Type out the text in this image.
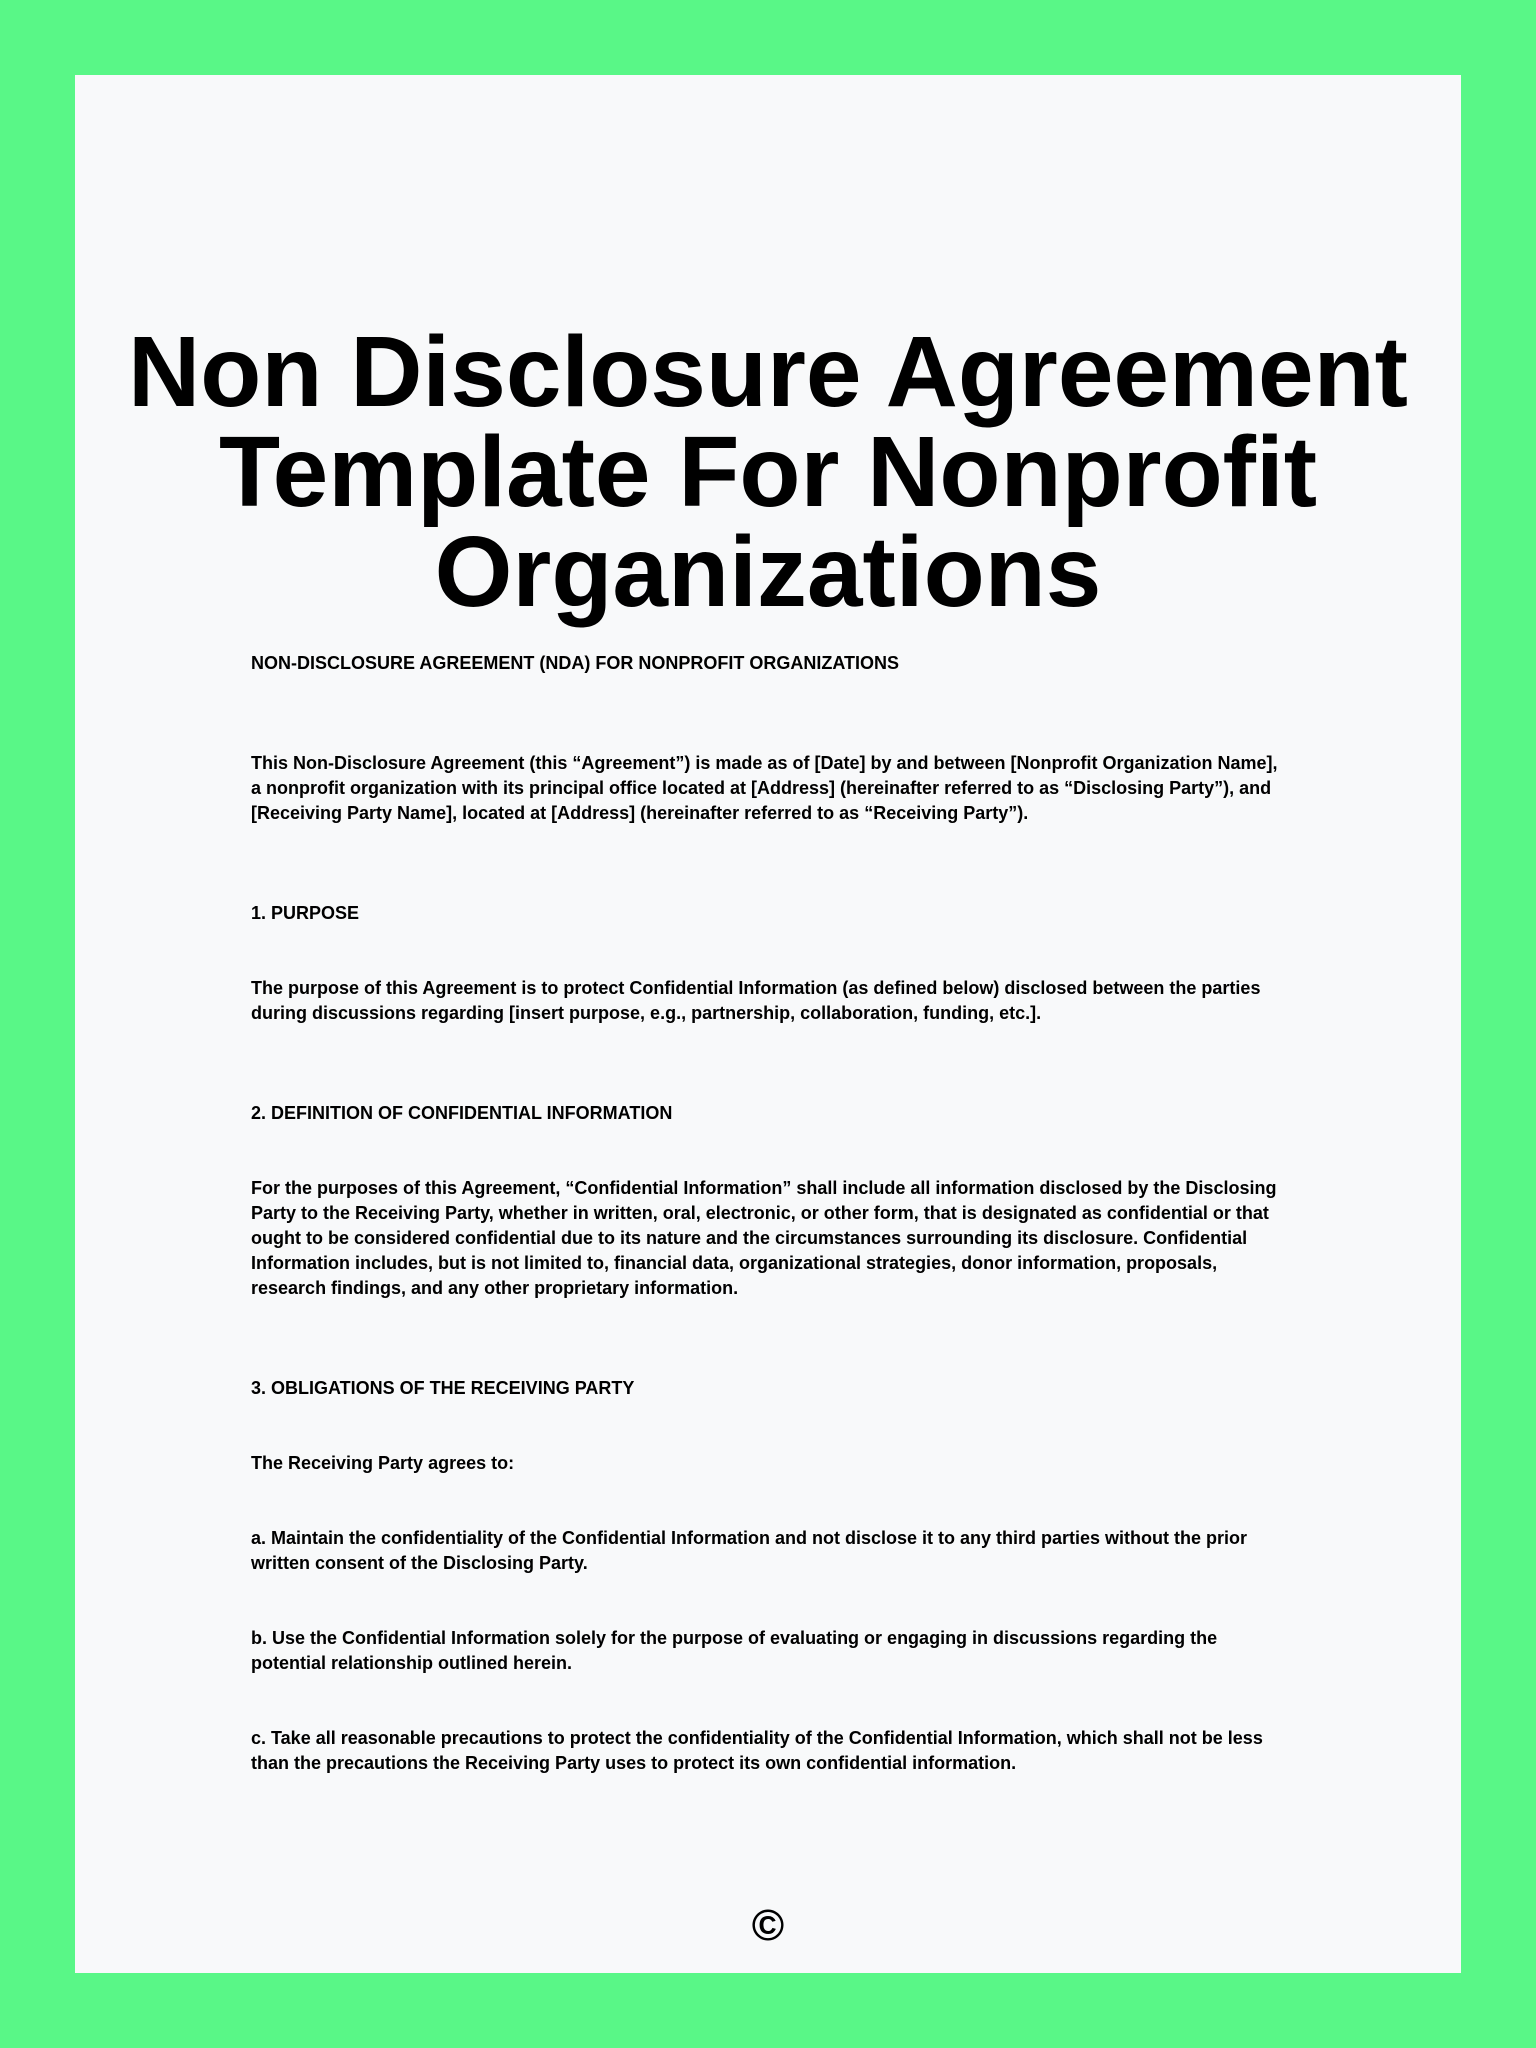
Non Disclosure Agreement
Template For Nonprofit
Organizations

NON-DISCLOSURE AGREEMENT (NDA) FOR NONPROFIT ORGANIZATIONS

This Non-Disclosure Agreement (this “Agreement”) is made as of [Date] by and between [Nonprofit Organization Name], a nonprofit organization with its principal office located at [Address] (hereinafter referred to as “Disclosing Party”), and [Receiving Party Name], located at [Address] (hereinafter referred to as “Receiving Party”).

1. PURPOSE

The purpose of this Agreement is to protect Confidential Information (as defined below) disclosed between the parties during discussions regarding [insert purpose, e.g., partnership, collaboration, funding, etc.].

2. DEFINITION OF CONFIDENTIAL INFORMATION

For the purposes of this Agreement, “Confidential Information” shall include all information disclosed by the Disclosing Party to the Receiving Party, whether in written, oral, electronic, or other form, that is designated as confidential or that ought to be considered confidential due to its nature and the circumstances surrounding its disclosure. Confidential Information includes, but is not limited to, financial data, organizational strategies, donor information, proposals, research findings, and any other proprietary information.

3. OBLIGATIONS OF THE RECEIVING PARTY

The Receiving Party agrees to:

a. Maintain the confidentiality of the Confidential Information and not disclose it to any third parties without the prior written consent of the Disclosing Party.

b. Use the Confidential Information solely for the purpose of evaluating or engaging in discussions regarding the potential relationship outlined herein.

c. Take all reasonable precautions to protect the confidentiality of the Confidential Information, which shall not be less than the precautions the Receiving Party uses to protect its own confidential information.

©
